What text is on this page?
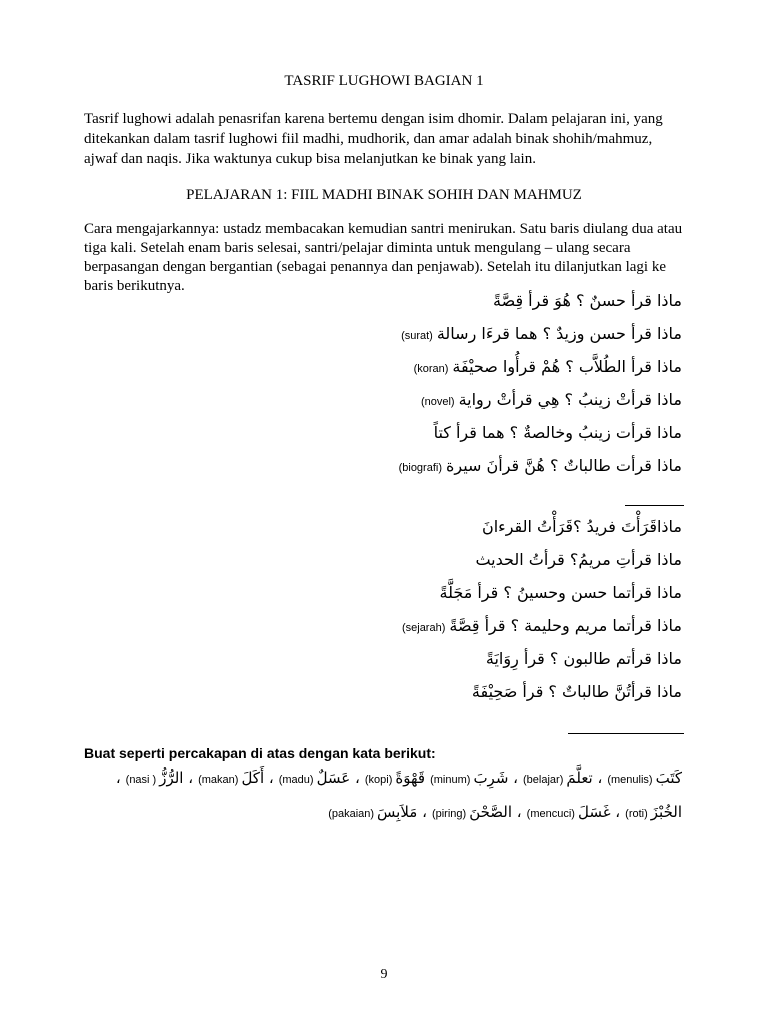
TASRIF LUGHOWI BAGIAN 1
Tasrif lughowi adalah penasrifan karena bertemu dengan isim dhomir. Dalam pelajaran ini, yang ditekankan dalam tasrif lughowi fiil madhi, mudhorik, dan amar adalah binak shohih/mahmuz, ajwaf dan naqis. Jika waktunya cukup bisa melanjutkan ke binak yang lain.
PELAJARAN 1: FIIL MADHI BINAK SOHIH DAN MAHMUZ
Cara mengajarkannya: ustadz membacakan kemudian santri menirukan. Satu baris diulang dua atau tiga kali. Setelah enam baris selesai, santri/pelajar diminta untuk mengulang – ulang secara berpasangan dengan bergantian (sebagai penannya dan penjawab). Setelah itu dilanjutkan lagi ke baris berikutnya.
ماذا قرأ حسنٌ ؟ هُوَ قرأ قِصَّةً
ماذا قرأ حسن وزيدٌ ؟ هما قرءَا رسالة(surat)
ماذا قرأ الطُلاَّب ؟ هُمْ قرأُوا صحيْفَة(koran)
ماذا قرأتْ زينبُ ؟ هِي قرأتْ رواية(novel)
ماذا قرأت زينبُ وخالصةٌ ؟ هما قرأ كتاً
ماذا قرأت طالباتٌ ؟ هُنَّ قرأنَ سيرة(biografi)
ماذاقَرَأْتَ فريدُ ؟قَرَأْتُ القرءانَ
ماذا قرأتِ مريمُ؟ قرأتُ الحديث
ماذا قرأتما حسن وحسينُ ؟ قرأ مَجَلَّةً
ماذا قرأتما مريم وحليمة ؟ قرأ قِصَّةً(sejarah)
ماذا قرأتم طالبون ؟ قرأ رِوَايَةً
ماذا قرأتُنَّ طالباتٌ ؟ قرأ صَحِيْفَةً
Buat seperti percakapan di atas dengan kata berikut:
كَتَبَ(menulis)، تعلَّمَ(belajar)، شَرِبَ(minum)قَهْوَةً(kopi)، عَسَلٌ(madu)، أَكَلَ(makan)، الرُّزُّ(nasi )،
الخُبْزَ(roti)، غَسَلَ(mencuci)، الصَّحْنَ(piring)، مَلاَبِسَ(pakaian)
9
